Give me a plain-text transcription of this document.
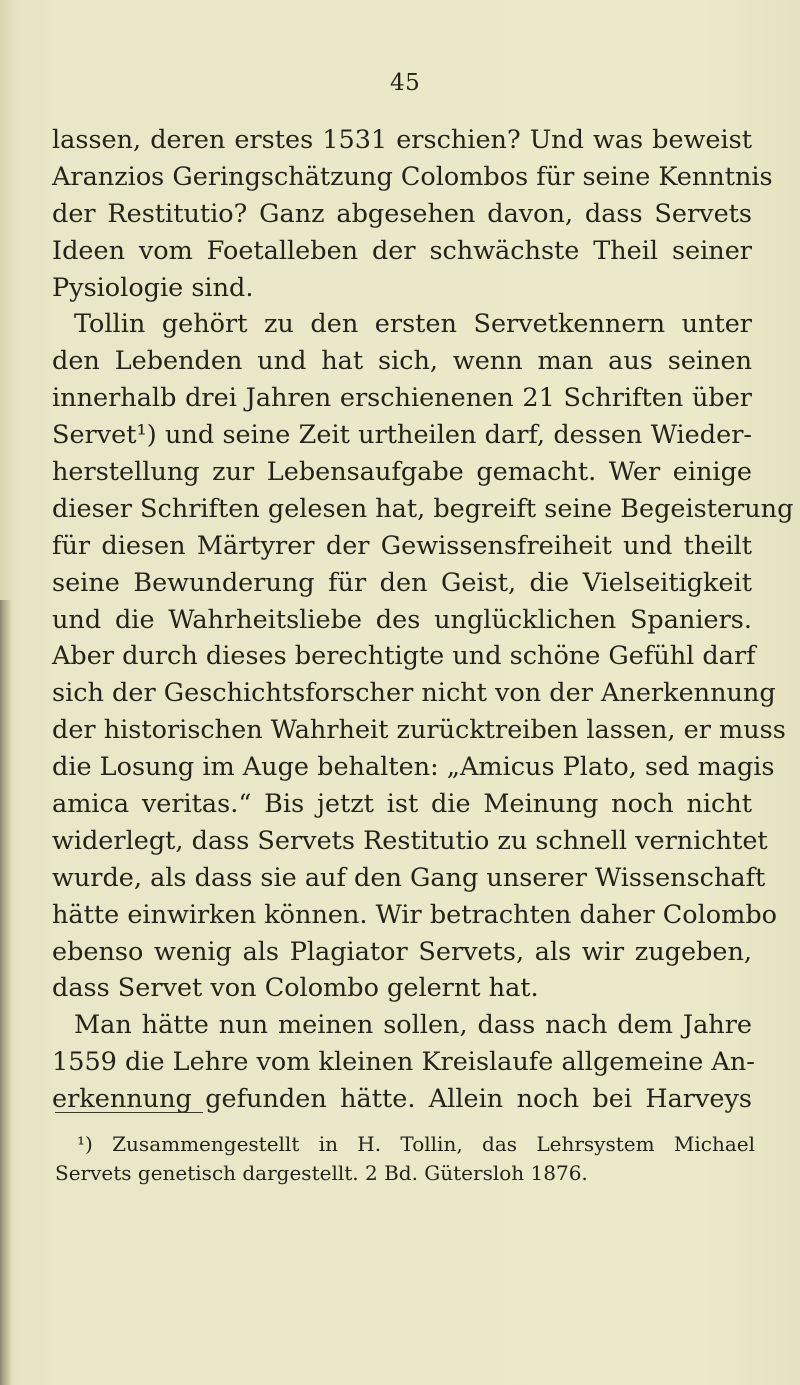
45
lassen, deren erstes 1531 erschien? Und was beweist
Aranzios Geringschätzung Colombos für seine Kenntnis
der Restitutio? Ganz abgesehen davon, dass Servets
Ideen vom Foetalleben der schwächste Theil seiner
Pysiologie sind.
Tollin gehört zu den ersten Servetkennern unter
den Lebenden und hat sich, wenn man aus seinen
innerhalb drei Jahren erschienenen 21 Schriften über
Servet¹) und seine Zeit urtheilen darf, dessen Wieder-
herstellung zur Lebensaufgabe gemacht. Wer einige
dieser Schriften gelesen hat, begreift seine Begeisterung
für diesen Märtyrer der Gewissensfreiheit und theilt
seine Bewunderung für den Geist, die Vielseitigkeit
und die Wahrheitsliebe des unglücklichen Spaniers.
Aber durch dieses berechtigte und schöne Gefühl darf
sich der Geschichtsforscher nicht von der Anerkennung
der historischen Wahrheit zurücktreiben lassen, er muss
die Losung im Auge behalten: „Amicus Plato, sed magis
amica veritas.“ Bis jetzt ist die Meinung noch nicht
widerlegt, dass Servets Restitutio zu schnell vernichtet
wurde, als dass sie auf den Gang unserer Wissenschaft
hätte einwirken können. Wir betrachten daher Colombo
ebenso wenig als Plagiator Servets, als wir zugeben,
dass Servet von Colombo gelernt hat.
Man hätte nun meinen sollen, dass nach dem Jahre
1559 die Lehre vom kleinen Kreislaufe allgemeine An-
erkennung gefunden hätte. Allein noch bei Harveys
¹) Zusammengestellt in H. Tollin, das Lehrsystem Michael
Servets genetisch dargestellt. 2 Bd. Gütersloh 1876.
